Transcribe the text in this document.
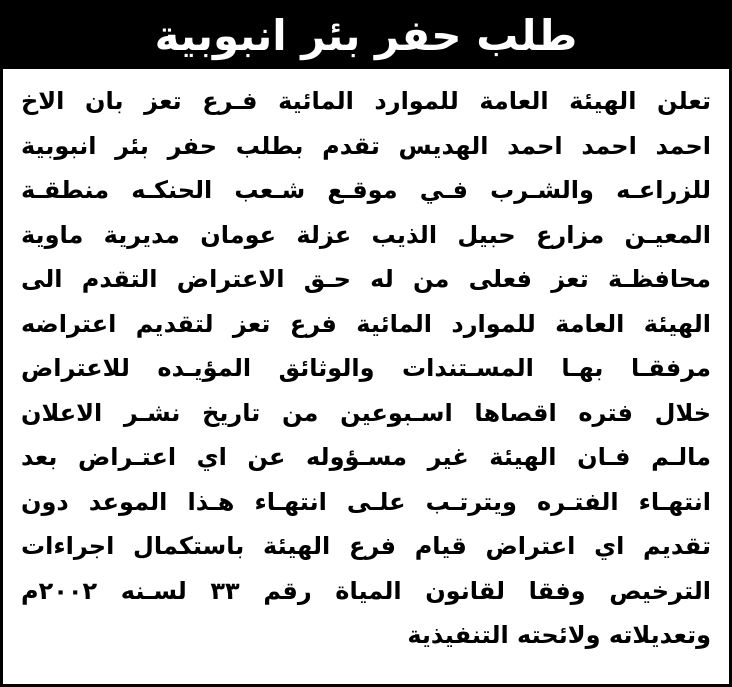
طلب حفر بئر انبوبية
تعلن الهيئة العامة للموارد المائية فـرع تعز بان الاخ
احمد احمد احمد الهديس تقدم بطلب حفر بئر انبوبية
للزراعـه والشـرب فـي موقـع شـعب الحنكـه منطقـة
المعيـن مزارع حبيل الذيب عزلة عومان مديرية ماوية
محافظـة تعز فعلى من له حـق الاعتراض التقدم الى
الهيئة العامة للموارد المائية فرع تعز لتقديم اعتراضه
مرفقـا بهـا المسـتندات والوثائق المؤيـده للاعتراض
خلال فتره اقصاها اسـبوعين من تاريخ نشـر الاعلان
مالـم فـان الهيئة غير مسـؤوله عن اي اعتـراض بعد
انتهـاء الفتـره ويترتـب علـى انتهـاء هـذا الموعد دون
تقديم اي اعتراض قيام فرع الهيئة باستكمال اجراءات
الترخيص وفقا لقانون المياة رقم ٣٣ لسـنه ٢٠٠٢م
وتعديلاته ولائحته التنفيذية
